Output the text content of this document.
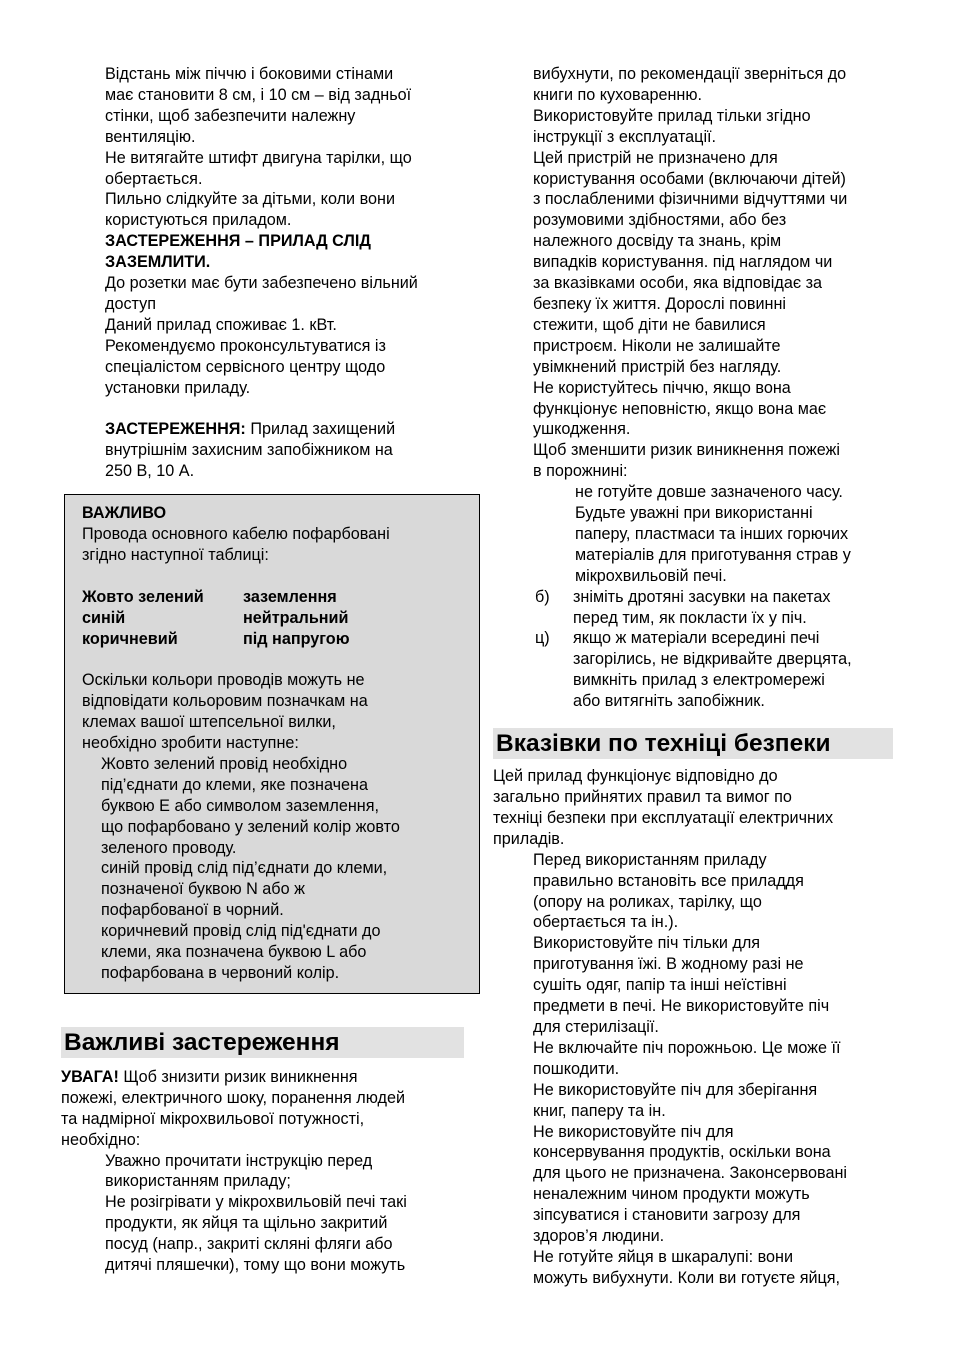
Відстань між піччю і боковими стінами

має становити 8 см, і 10 см – від задньої

стінки, щоб забезпечити належну

вентиляцію.

Не витягайте штифт двигуна тарілки, що

обертається.

Пильно слідкуйте за дітьми, коли вони

користуються приладом.

ЗАСТЕРЕЖЕННЯ – ПРИЛАД СЛІД

ЗАЗЕМЛИТИ.

До розетки має бути забезпечено вільний

доступ

Даний прилад споживає 1. кВт.

Рекомендуємо проконсультуватися із

спеціалістом сервісного центру щодо

установки приладу.

ЗАСТЕРЕЖЕННЯ: Прилад захищений

внутрішнім захисним запобіжником на

250 В, 10 А.

ВАЖЛИВО

Провода основного кабелю пофарбовані

згідно наступної таблиці:

Жовто зелений	заземлення
синій	нейтральний
коричневий	під напругою

Оскільки кольори проводів можуть не

відповідати кольоровим позначкам на

клемах вашої штепсельної вилки,

необхідно зробити наступне:

Жовто зелений провід необхідно

під’єднати до клеми, яке позначена

буквою Е або символом заземлення,

що пофарбовано у зелений колір жовто

зеленого проводу.

синій провід слід під’єднати до клеми,

позначеної буквою N або ж

пофарбованої в чорний.

коричневий провід слід під'єднати до

клеми, яка позначена буквою L або

пофарбована в червоний колір.

Важливі застереження

УВАГА! Щоб знизити ризик виникнення

пожежі, електричного шоку, поранення людей

та надмірної мікрохвильової потужності,

необхідно:

Уважно прочитати інструкцію перед

використанням приладу;

Не розігрівати у мікрохвильовій печі такі

продукти, як яйця та щільно закритий

посуд (напр., закриті скляні фляги або

дитячі пляшечки), тому що вони можуть

вибухнути, по рекомендації зверніться до

книги по куховаренню.

Використовуйте прилад тільки згідно

інструкції з експлуатації.

Цей пристрій не призначено для

користування особами (включаючи дітей)

з послабленими фізичними відчуттями чи

розумовими здібностями, або без

належного досвіду та знань, крім

випадків користування. під наглядом чи

за вказівками особи, яка відповідає за

безпеку їх життя. Дорослі повинні

стежити, щоб діти не бавилися

пристроєм. Ніколи не залишайте

увімкнений пристрій без нагляду.

Не користуйтесь піччю, якщо вона

функціонує неповністю, якщо вона має

ушкодження.

Щоб зменшити ризик виникнення пожежі

в порожнині:

не готуйте довше зазначеного часу.

Будьте уважні при використанні

паперу, пластмаси та інших горючих

матеріалів для приготування страв у

мікрохвильовій печі.

б)	зніміть дротяні засувки на пакетах

перед тим, як покласти їх у піч.

ц)	якщо ж матеріали всередині печі

загорілись, не відкривайте дверцята,

вимкніть прилад з електромережі

або витягніть запобіжник.

Вказівки по техніці безпеки

Цей прилад функціонує відповідно до

загально прийнятих правил та вимог по

техніці безпеки при експлуатації електричних

приладів.

Перед використанням приладу

правильно встановіть все приладдя

(опору на роликах, тарілку, що

обертається та ін.).

Використовуйте піч тільки для

приготування їжі. В жодному разі не

сушіть одяг, папір та інші неїстівні

предмети в печі. Не використовуйте піч

для стерилізації.

Не включайте піч порожньою. Це може її

пошкодити.

Не використовуйте піч для зберігання

книг, паперу та ін.

Не використовуйте піч для

консервування продуктів, оскільки вона

для цього не призначена. Законсервовані

неналежним чином продукти можуть

зіпсуватися і становити загрозу для

здоров’я людини.

Не готуйте яйця в шкаралупі: вони

можуть вибухнути. Коли ви готуєте яйця,
